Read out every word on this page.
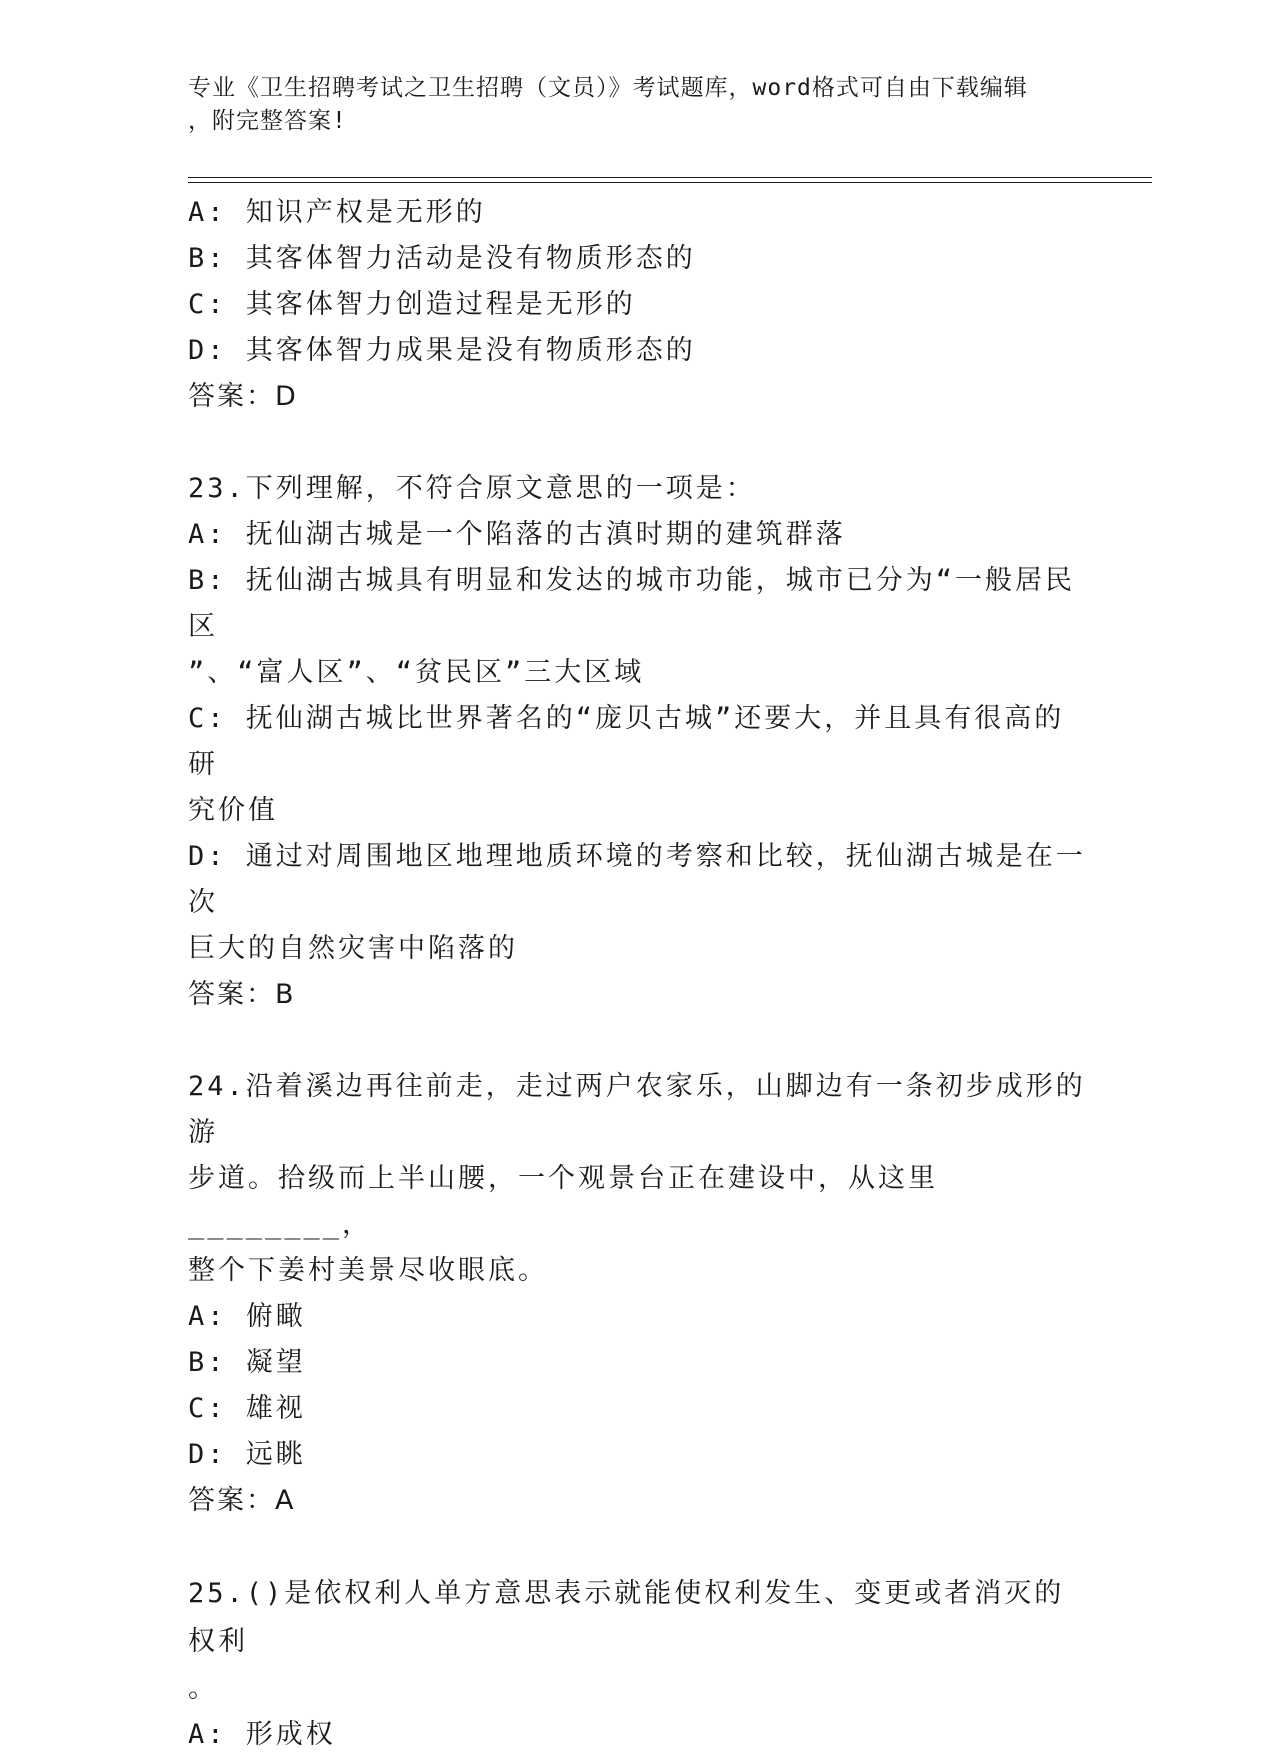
专业《卫生招聘考试之卫生招聘（文员）》考试题库，word格式可自由下载编辑
，附完整答案!
A: 知识产权是无形的
B: 其客体智力活动是没有物质形态的
C: 其客体智力创造过程是无形的
D: 其客体智力成果是没有物质形态的
答案：D
23.下列理解，不符合原文意思的一项是：
A: 抚仙湖古城是一个陷落的古滇时期的建筑群落
B: 抚仙湖古城具有明显和发达的城市功能，城市已分为“一般居民区
”、“富人区”、“贫民区”三大区域
C: 抚仙湖古城比世界著名的“庞贝古城”还要大，并且具有很高的研
究价值
D: 通过对周围地区地理地质环境的考察和比较，抚仙湖古城是在一次
巨大的自然灾害中陷落的
答案：B
24.沿着溪边再往前走，走过两户农家乐，山脚边有一条初步成形的游
步道。拾级而上半山腰，一个观景台正在建设中，从这里________，
整个下姜村美景尽收眼底。
A: 俯瞰
B: 凝望
C: 雄视
D: 远眺
答案：A
25.()是依权利人单方意思表示就能使权利发生、变更或者消灭的权利
。
A: 形成权
